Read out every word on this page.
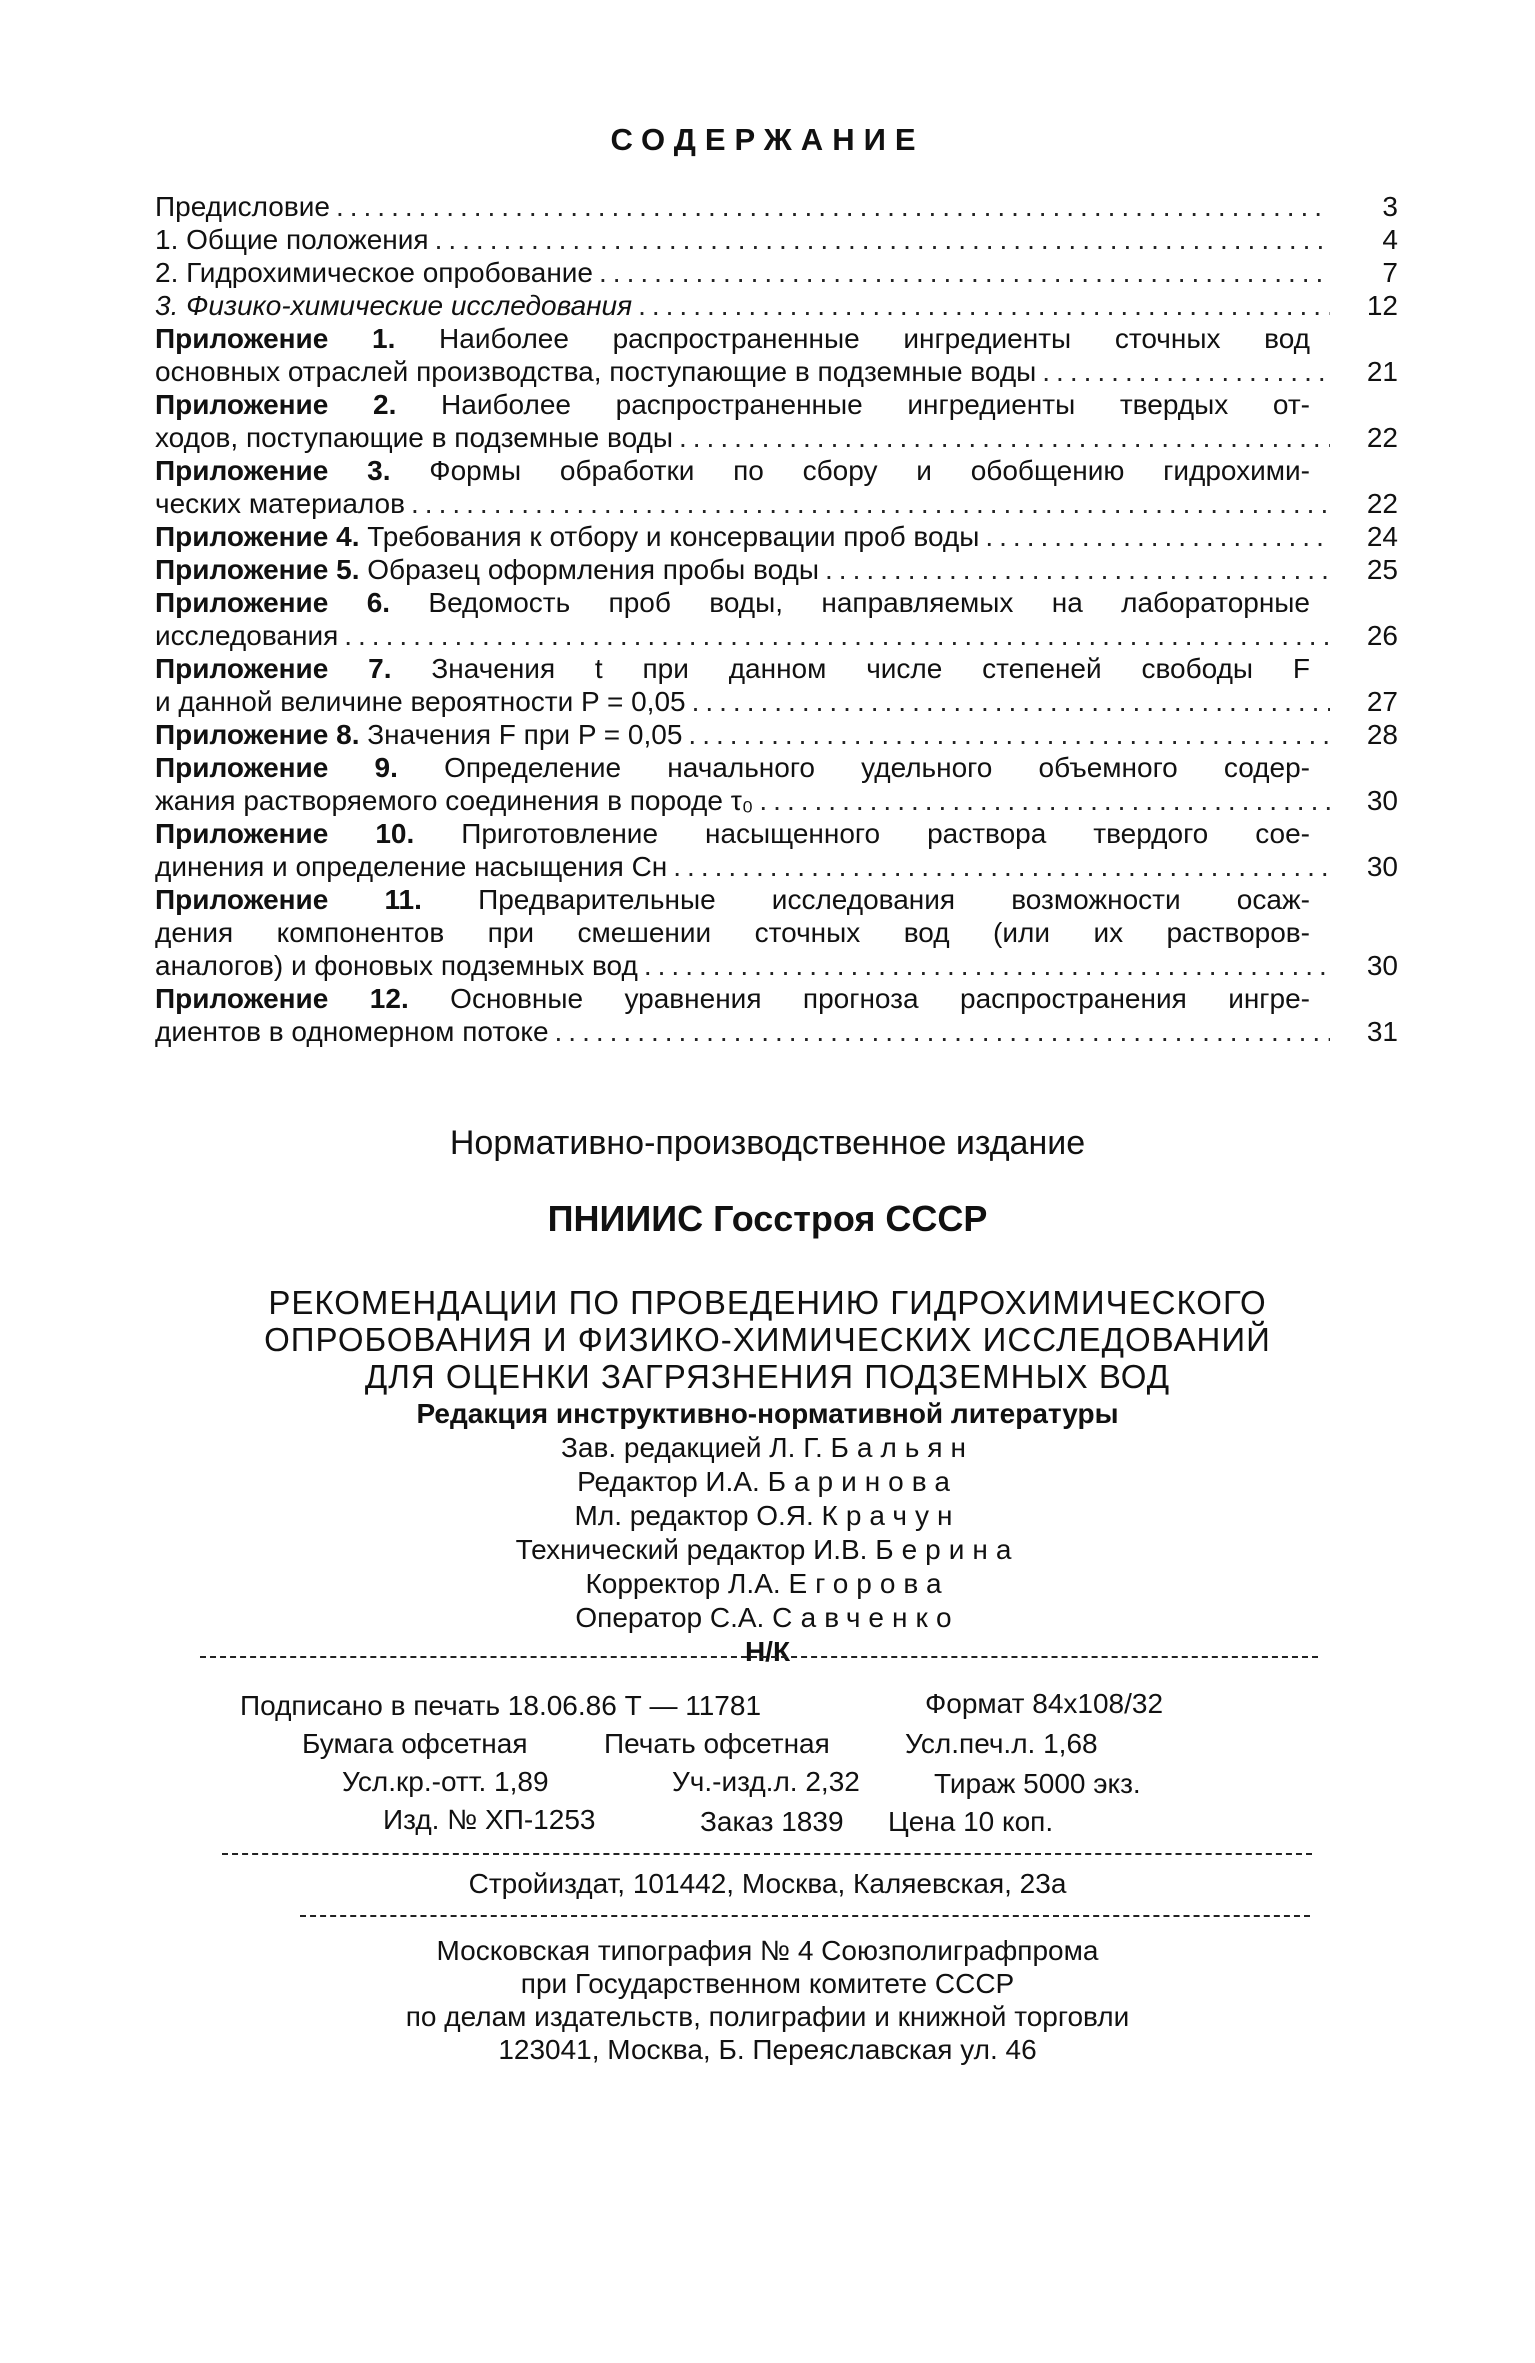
СОДЕРЖАНИЕ
Предисловие .....	3
1. Общие положения .....	4
2. Гидрохимическое опробование .....	7
3. Физико-химические исследования .....	12
Приложение 1. Наиболее распространенные ингредиенты сточных вод
основных отраслей производства, поступающие в подземные воды .....	21
Приложение 2. Наиболее распространенные ингредиенты твердых от-
ходов, поступающие в подземные воды .....	22
Приложение 3. Формы обработки по сбору и обобщению гидрохими-
ческих материалов .....	22
Приложение 4. Требования к отбору и консервации проб воды .....	24
Приложение 5. Образец оформления пробы воды .....	25
Приложение 6. Ведомость проб воды, направляемых на лабораторные
исследования .....	26
Приложение 7. Значения t при данном числе степеней свободы F
и данной величине вероятности P = 0,05 .....	27
Приложение 8. Значения F при P = 0,05 .....	28
Приложение 9. Определение начального удельного объемного содер-
жания растворяемого соединения в породе τ₀ .....	30
Приложение 10. Приготовление насыщенного раствора твердого сое-
динения и определение насыщения Cн .....	30
Приложение 11. Предварительные исследования возможности осаж-
дения компонентов при смешении сточных вод (или их растворов-
аналогов) и фоновых подземных вод .....	30
Приложение 12. Основные уравнения прогноза распространения ингре-
диентов в одномерном потоке .....	31
Нормативно-производственное издание
ПНИИИС Госстроя СССР
РЕКОМЕНДАЦИИ ПО ПРОВЕДЕНИЮ ГИДРОХИМИЧЕСКОГО
ОПРОБОВАНИЯ И ФИЗИКО-ХИМИЧЕСКИХ ИССЛЕДОВАНИЙ
ДЛЯ ОЦЕНКИ ЗАГРЯЗНЕНИЯ ПОДЗЕМНЫХ ВОД
Редакция инструктивно-нормативной литературы
Зав. редакцией Л. Г. Бальян
Редактор И.А. Баринова
Мл. редактор О.Я. Крачун
Технический редактор И.В. Берина
Корректор Л.А. Егорова
Оператор С.А. Савченко
Н/К
Подписано в печать 18.06.86 Т — 11781	Формат 84х108/32
Бумага офсетная	Печать офсетная	Усл.печ.л. 1,68
Усл.кр.-отт. 1,89	Уч.-изд.л. 2,32	Тираж 5000 экз.
Изд. № ХП-1253	Заказ 1839 Цена 10 коп.
Стройиздат, 101442, Москва, Каляевская, 23а
Московская типография № 4 Союзполиграфпрома
при Государственном комитете СССР
по делам издательств, полиграфии и книжной торговли
123041, Москва, Б. Переяславская ул. 46
